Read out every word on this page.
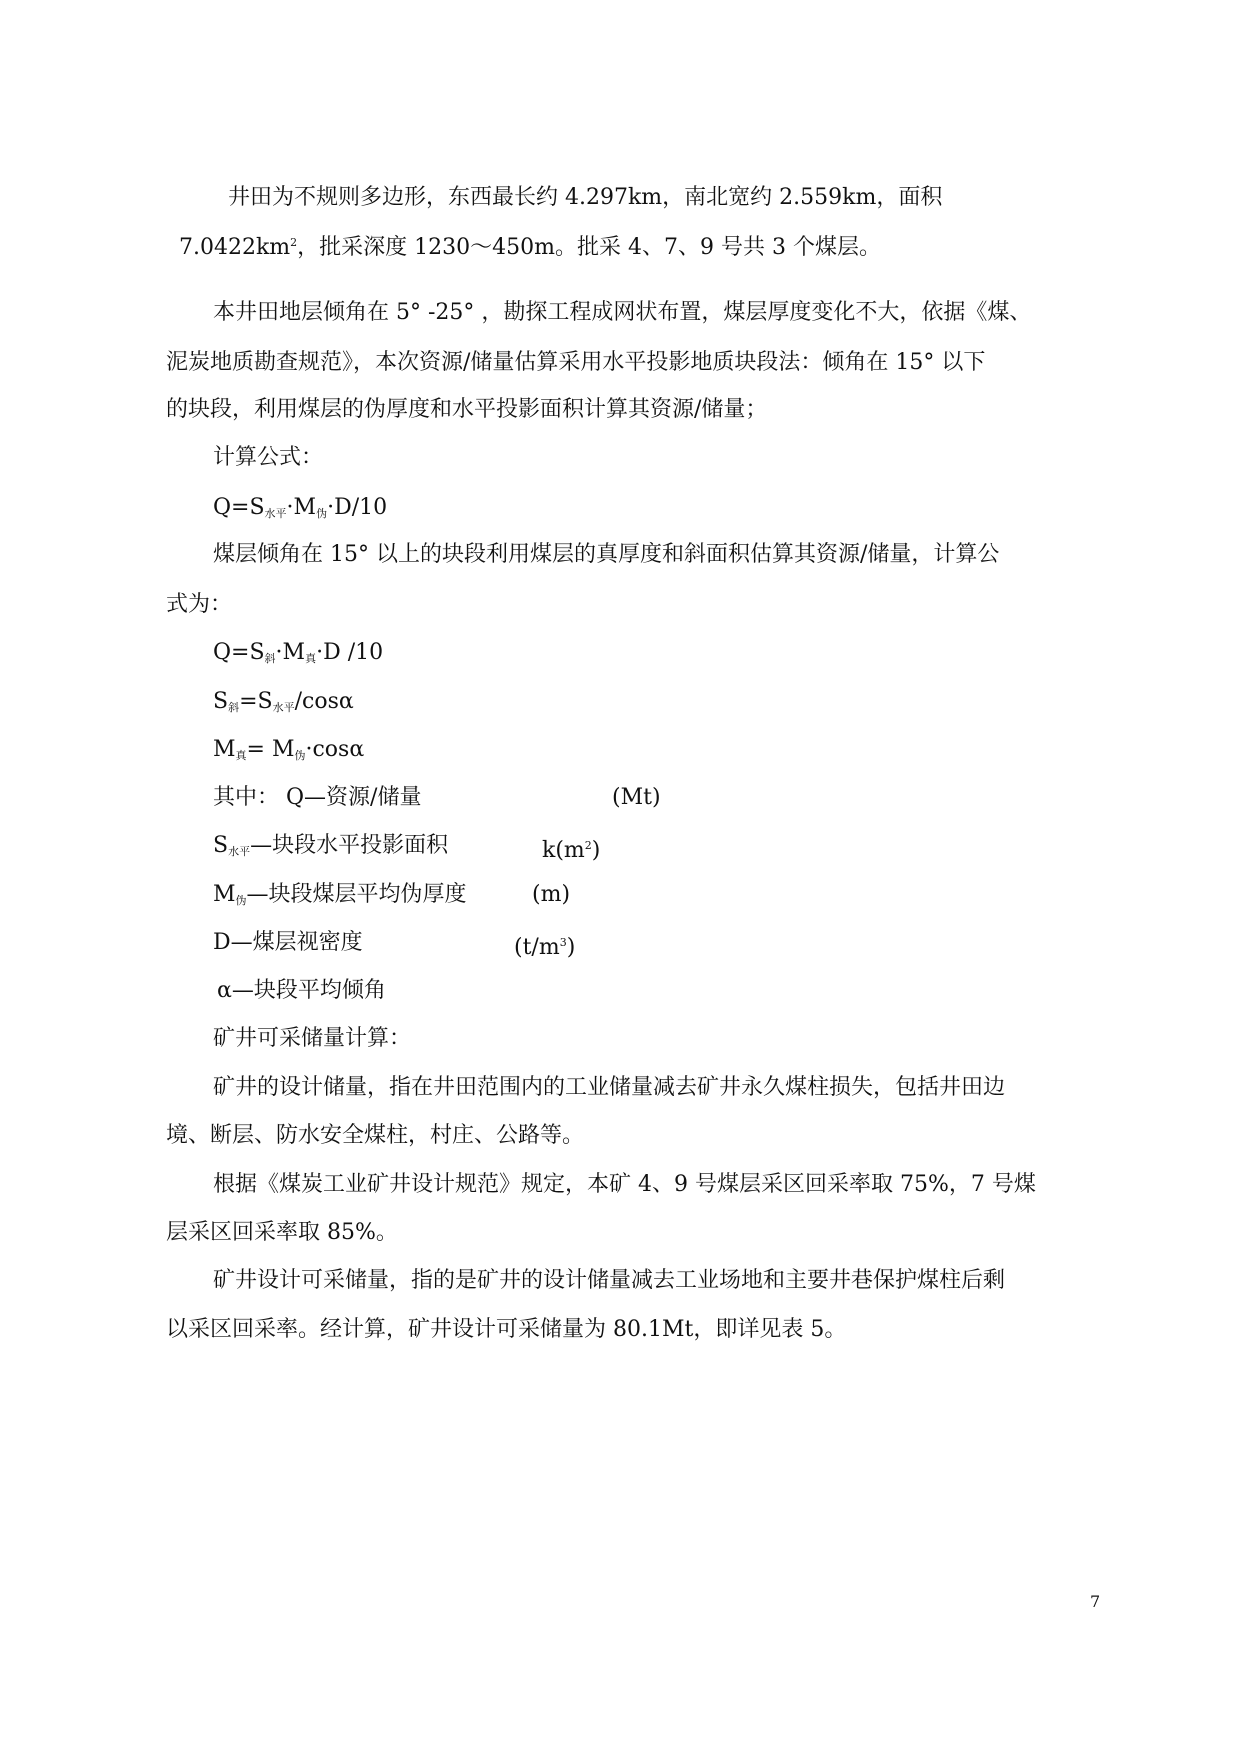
井田为不规则多边形，东西最长约 4.297km，南北宽约 2.559km，面积
$7.0422km^2$，批采深度 1230～450m。批采 4、7、9 号共 3 个煤层。
本井田地层倾角在 5° -25° ，勘探工程成网状布置，煤层厚度变化不大，依据《煤、
泥炭地质勘查规范》，本次资源/储量估算采用水平投影地质块段法：倾角在 15° 以下
的块段，利用煤层的伪厚度和水平投影面积计算其资源/储量；
计算公式：
$Q=S_{水平}\cdot M_伪\cdot D/10$
煤层倾角在 15° 以上的块段利用煤层的真厚度和斜面积估算其资源/储量，计算公
式为：
$Q=S_斜\cdot M_真\cdot D$ /10
$S_斜=S_{水平}$/cosα
$M_真= M_伪\cdot\cos\alpha$
其中： Q—资源/储量	(Mt)
$S_{水平}—$块段水平投影面积	$k(m^2)$
$M_伪—$块段煤层平均伪厚度	(m)
D—煤层视密度	$(t/m^3)$
α—块段平均倾角
矿井可采储量计算：
矿井的设计储量，指在井田范围内的工业储量减去矿井永久煤柱损失，包括井田边
境、断层、防水安全煤柱，村庄、公路等。
根据《煤炭工业矿井设计规范》规定，本矿 4、9 号煤层采区回采率取 75%，7 号煤
层采区回采率取 85%。
矿井设计可采储量，指的是矿井的设计储量减去工业场地和主要井巷保护煤柱后剩
以采区回采率。经计算，矿井设计可采储量为 80.1Mt，即详见表 5。
7
